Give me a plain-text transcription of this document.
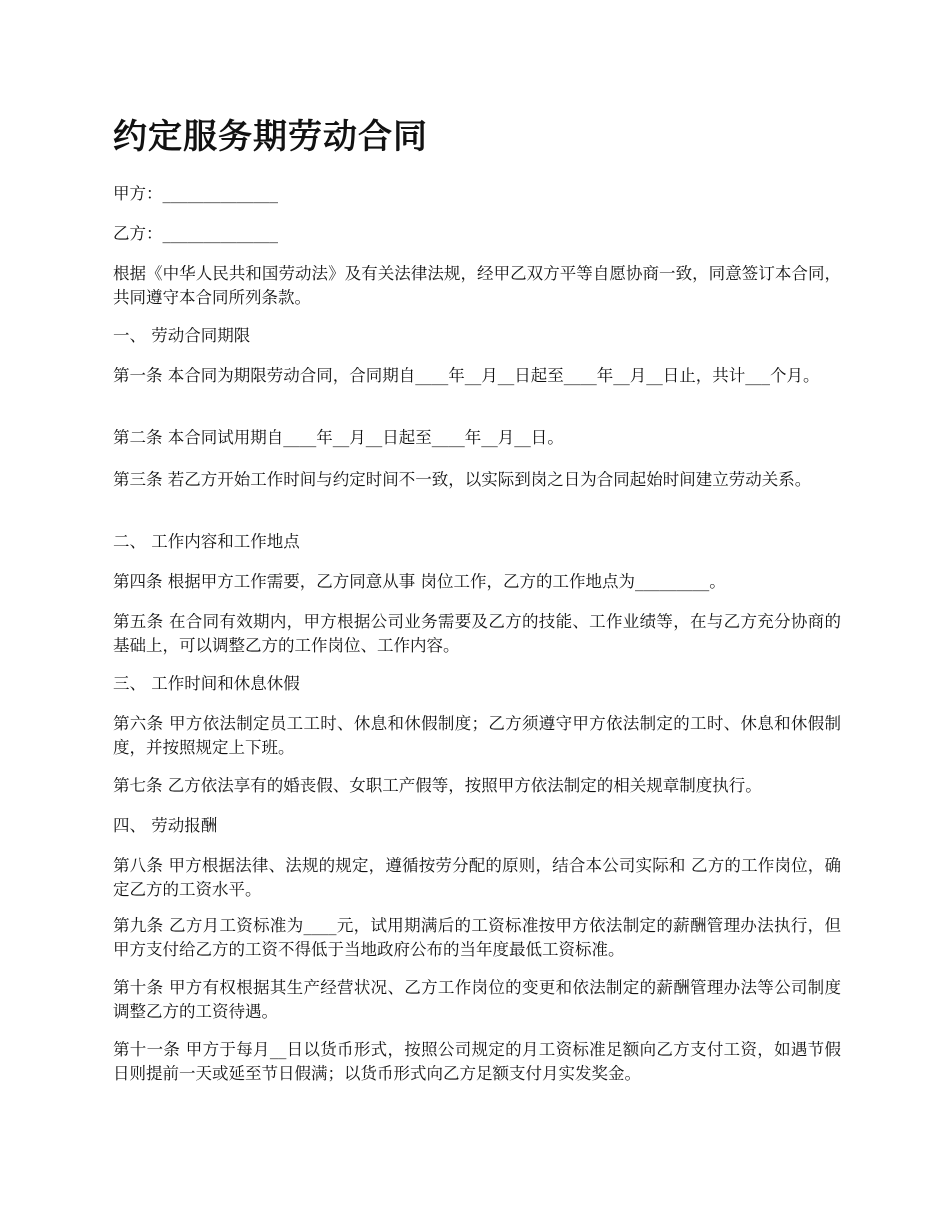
约定服务期劳动合同

甲方：______________

乙方：______________

根据《中华人民共和国劳动法》及有关法律法规，经甲乙双方平等自愿协商一致，同意签订本合同，共同遵守本合同所列条款。

一、 劳动合同期限

第一条 本合同为期限劳动合同，合同期自____年__月__日起至____年__月__日止，共计___个月。

第二条 本合同试用期自____年__月__日起至____年__月__日。

第三条 若乙方开始工作时间与约定时间不一致，以实际到岗之日为合同起始时间建立劳动关系。

二、 工作内容和工作地点

第四条 根据甲方工作需要，乙方同意从事 岗位工作，乙方的工作地点为_________。

第五条 在合同有效期内，甲方根据公司业务需要及乙方的技能、工作业绩等，在与乙方充分协商的基础上，可以调整乙方的工作岗位、工作内容。

三、 工作时间和休息休假

第六条 甲方依法制定员工工时、休息和休假制度；乙方须遵守甲方依法制定的工时、休息和休假制度，并按照规定上下班。

第七条 乙方依法享有的婚丧假、女职工产假等，按照甲方依法制定的相关规章制度执行。

四、 劳动报酬

第八条 甲方根据法律、法规的规定，遵循按劳分配的原则，结合本公司实际和 乙方的工作岗位，确定乙方的工资水平。

第九条 乙方月工资标准为____元，试用期满后的工资标准按甲方依法制定的薪酬管理办法执行，但甲方支付给乙方的工资不得低于当地政府公布的当年度最低工资标准。

第十条 甲方有权根据其生产经营状况、乙方工作岗位的变更和依法制定的薪酬管理办法等公司制度调整乙方的工资待遇。

第十一条 甲方于每月__日以货币形式，按照公司规定的月工资标准足额向乙方支付工资，如遇节假日则提前一天或延至节日假满；以货币形式向乙方足额支付月实发奖金。
